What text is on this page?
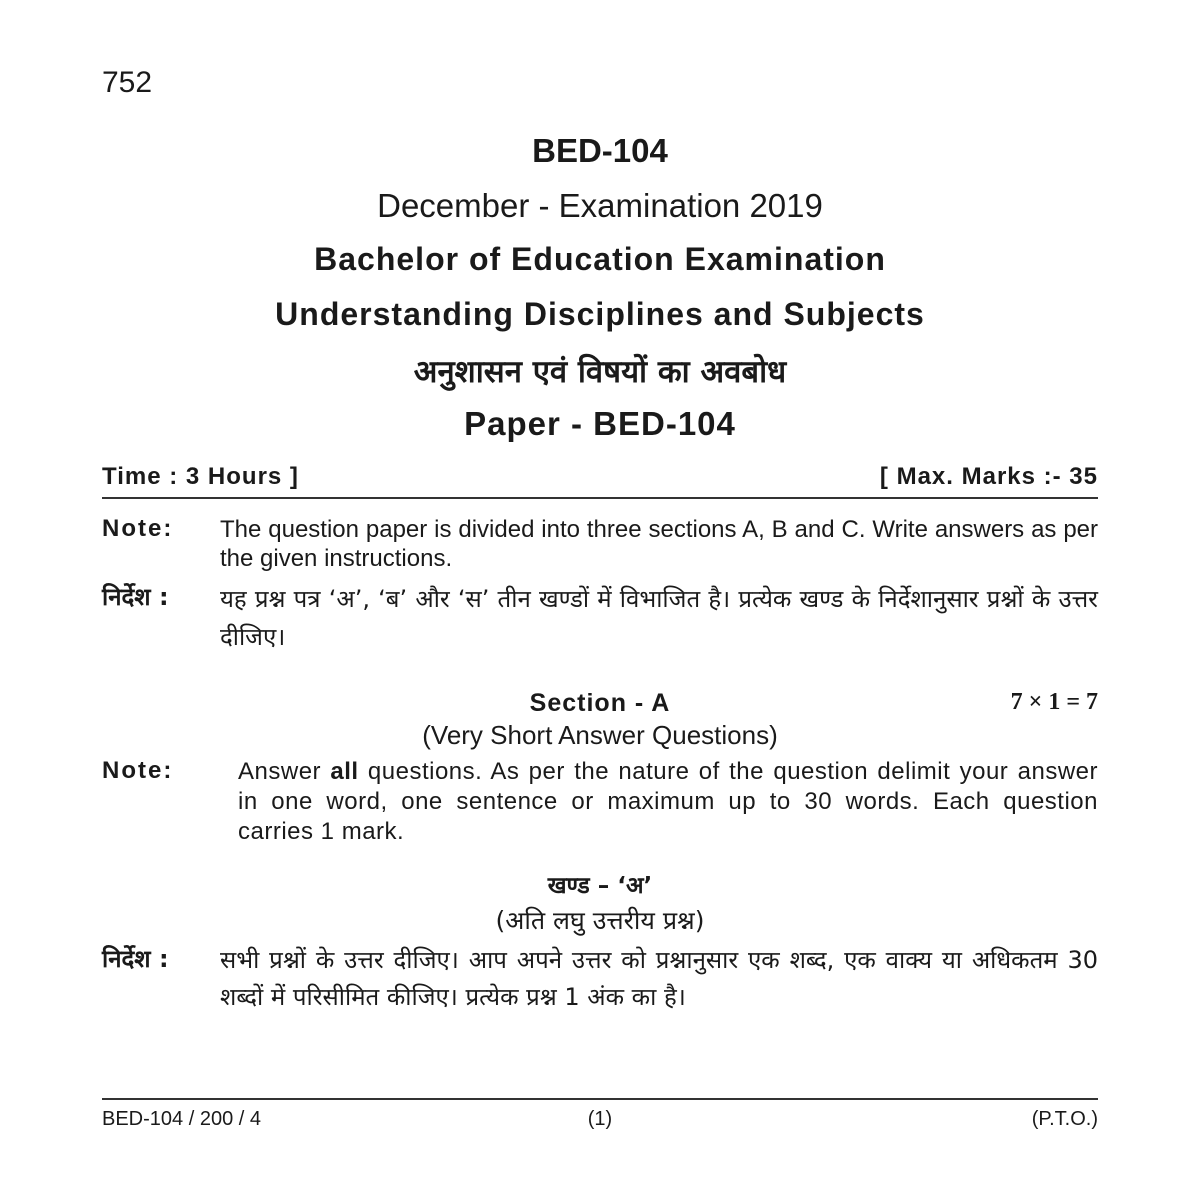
752
BED-104
December - Examination 2019
Bachelor of Education Examination
Understanding Disciplines and Subjects
अनुशासन एवं विषयों का अवबोध
Paper - BED-104
Time : 3 Hours ]	[ Max. Marks :- 35
Note: The question paper is divided into three sections A, B and C. Write answers as per the given instructions.
निर्देश : यह प्रश्न पत्र ‘अ’, ‘ब’ और ‘स’ तीन खण्डों में विभाजित है। प्रत्येक खण्ड के निर्देशानुसार प्रश्नों के उत्तर दीजिए।
Section - A	7 × 1 = 7
(Very Short Answer Questions)
Note:	Answer all questions. As per the nature of the question delimit your answer in one word, one sentence or maximum up to 30 words. Each question carries 1 mark.
खण्ड – ‘अ’
(अति लघु उत्तरीय प्रश्न)
निर्देश : सभी प्रश्नों के उत्तर दीजिए। आप अपने उत्तर को प्रश्नानुसार एक शब्द, एक वाक्य या अधिकतम 30 शब्दों में परिसीमित कीजिए। प्रत्येक प्रश्न 1 अंक का है।
BED-104 / 200 / 4	(1)	(P.T.O.)
